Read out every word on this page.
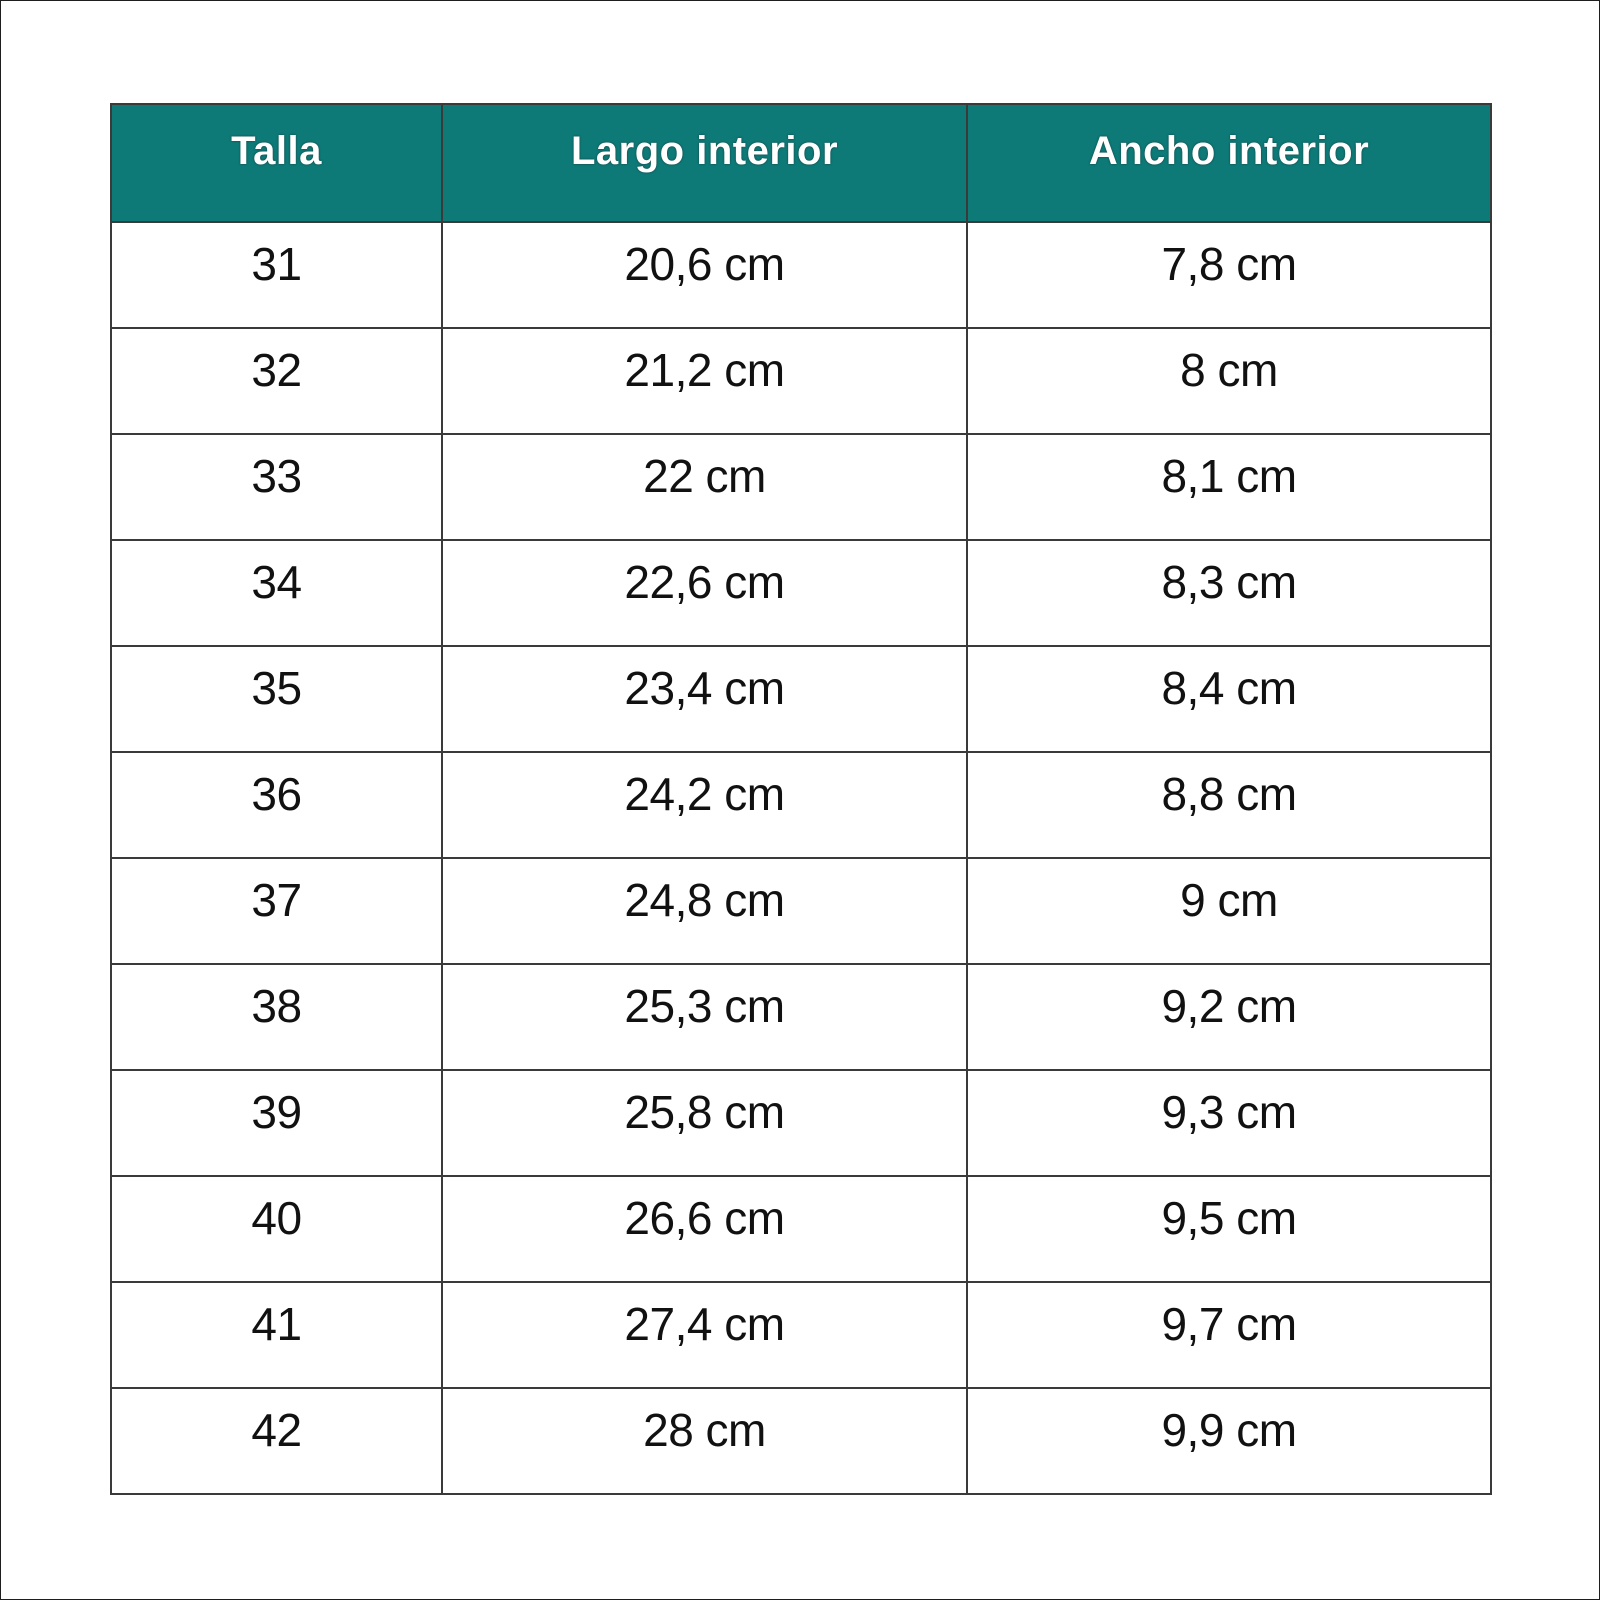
Talla	Largo interior	Ancho interior
31	20,6 cm	7,8 cm
32	21,2 cm	8 cm
33	22 cm	8,1 cm
34	22,6 cm	8,3 cm
35	23,4 cm	8,4 cm
36	24,2 cm	8,8 cm
37	24,8 cm	9 cm
38	25,3 cm	9,2 cm
39	25,8 cm	9,3 cm
40	26,6 cm	9,5 cm
41	27,4 cm	9,7 cm
42	28 cm	9,9 cm
